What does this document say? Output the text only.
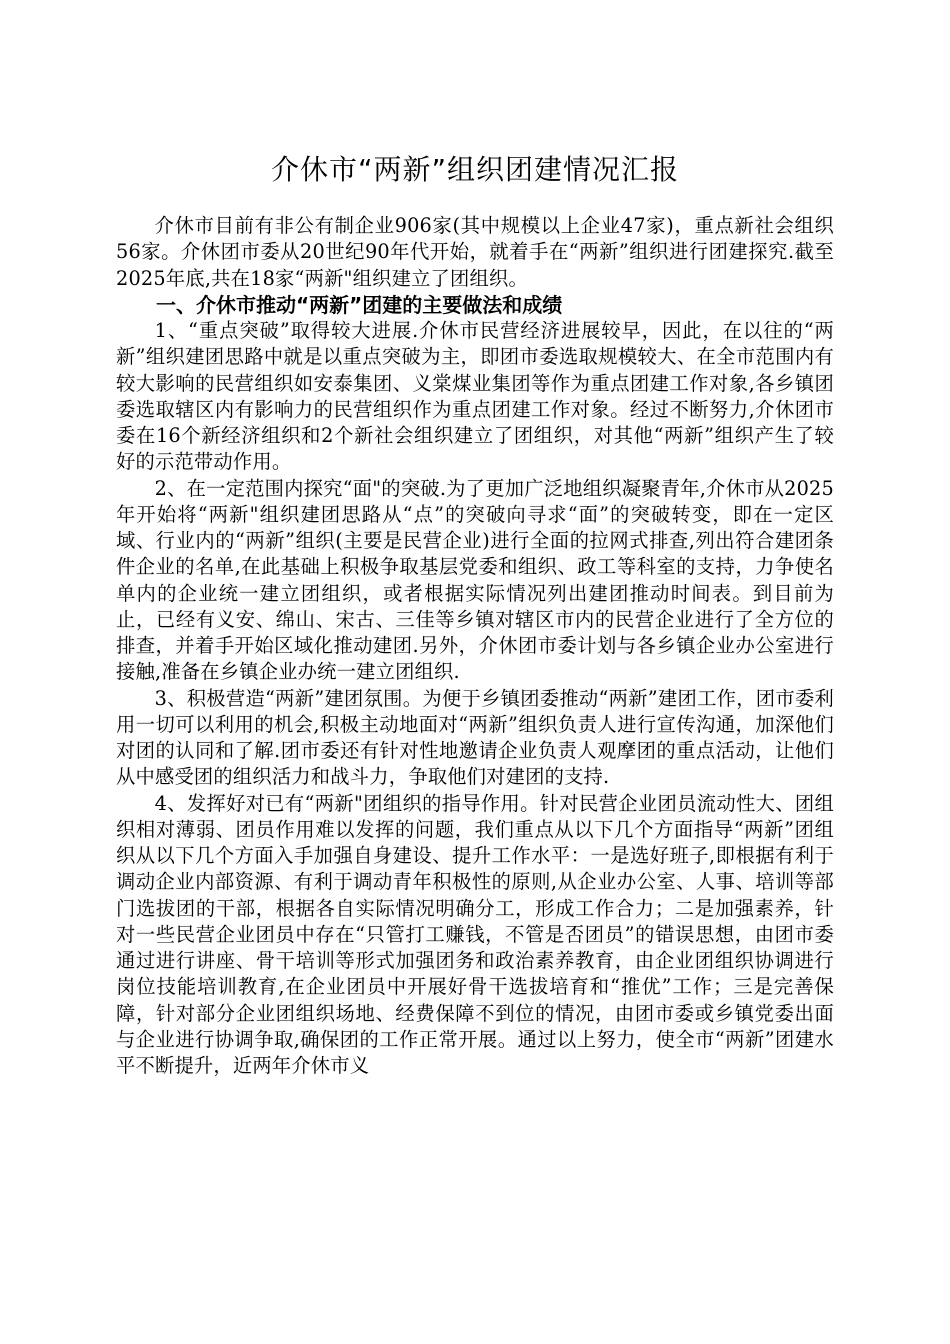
介休市“两新”组织团建情况汇报

介休市目前有非公有制企业906家(其中规模以上企业47家)，重点新社会组织56家。介休团市委从20世纪90年代开始，就着手在“两新”组织进行团建探究.截至2025年底,共在18家“两新"组织建立了团组织。

一、介休市推动“两新”团建的主要做法和成绩

1、“重点突破”取得较大进展.介休市民营经济进展较早，因此，在以往的“两新”组织建团思路中就是以重点突破为主，即团市委选取规模较大、在全市范围内有较大影响的民营组织如安泰集团、义棠煤业集团等作为重点团建工作对象,各乡镇团委选取辖区内有影响力的民营组织作为重点团建工作对象。经过不断努力,介休团市委在16个新经济组织和2个新社会组织建立了团组织，对其他“两新”组织产生了较好的示范带动作用。

2、在一定范围内探究“面"的突破.为了更加广泛地组织凝聚青年,介休市从2025年开始将“两新"组织建团思路从“点”的突破向寻求“面”的突破转变，即在一定区域、行业内的“两新”组织(主要是民营企业)进行全面的拉网式排查,列出符合建团条件企业的名单,在此基础上积极争取基层党委和组织、政工等科室的支持，力争使名单内的企业统一建立团组织，或者根据实际情况列出建团推动时间表。到目前为止，已经有义安、绵山、宋古、三佳等乡镇对辖区市内的民营企业进行了全方位的排查，并着手开始区域化推动建团.另外，介休团市委计划与各乡镇企业办公室进行接触,准备在乡镇企业办统一建立团组织.

3、积极营造“两新”建团氛围。为便于乡镇团委推动“两新”建团工作，团市委利用一切可以利用的机会,积极主动地面对“两新”组织负责人进行宣传沟通，加深他们对团的认同和了解.团市委还有针对性地邀请企业负责人观摩团的重点活动，让他们从中感受团的组织活力和战斗力，争取他们对建团的支持.

4、发挥好对已有“两新"团组织的指导作用。针对民营企业团员流动性大、团组织相对薄弱、团员作用难以发挥的问题，我们重点从以下几个方面指导“两新”团组织从以下几个方面入手加强自身建设、提升工作水平：一是选好班子,即根据有利于调动企业内部资源、有利于调动青年积极性的原则,从企业办公室、人事、培训等部门选拔团的干部，根据各自实际情况明确分工，形成工作合力；二是加强素养，针对一些民营企业团员中存在“只管打工赚钱，不管是否团员”的错误思想，由团市委通过进行讲座、骨干培训等形式加强团务和政治素养教育，由企业团组织协调进行岗位技能培训教育,在企业团员中开展好骨干选拔培育和“推优”工作；三是完善保障，针对部分企业团组织场地、经费保障不到位的情况，由团市委或乡镇党委出面与企业进行协调争取,确保团的工作正常开展。通过以上努力，使全市“两新”团建水平不断提升，近两年介休市义
